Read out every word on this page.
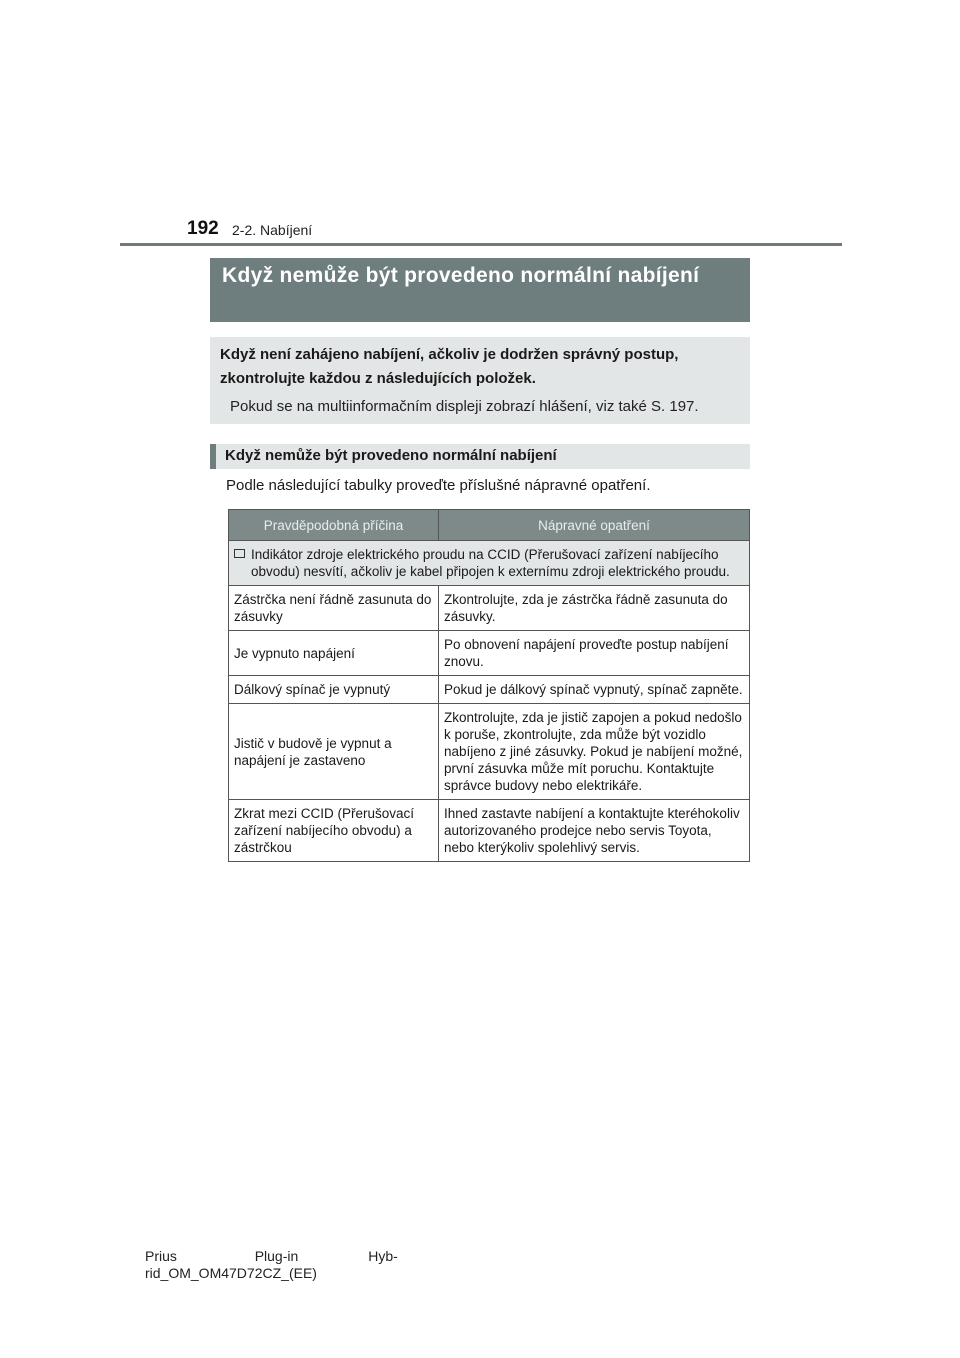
192 2-2. Nabíjení
Když nemůže být provedeno normální nabíjení
Když není zahájeno nabíjení, ačkoliv je dodržen správný postup, zkontrolujte každou z následujících položek.
Pokud se na multiinformačním displeji zobrazí hlášení, viz také S. 197.
Když nemůže být provedeno normální nabíjení
Podle následující tabulky proveďte příslušné nápravné opatření.
Pravděpodobná příčina	Nápravné opatření

Indikátor zdroje elektrického proudu na CCID (Přerušovací zařízení nabíjecího obvodu) nesvítí, ačkoliv je kabel připojen k externímu zdroji elektrického proudu.	

Zástrčka není řádně zasunuta do zásuvky	Zkontrolujte, zda je zástrčka řádně zasunuta do zásuvky.
Je vypnuto napájení	Po obnovení napájení proveďte postup nabíjení znovu.
Dálkový spínač je vypnutý	Pokud je dálkový spínač vypnutý, spínač zapněte.
Jistič v budově je vypnut a napájení je zastaveno	Zkontrolujte, zda je jistič zapojen a pokud nedošlo k poruše, zkontrolujte, zda může být vozidlo nabíjeno z jiné zásuvky. Pokud je nabíjení možné, první zásuvka může mít poruchu. Kontaktujte správce budovy nebo elektrikáře.
Zkrat mezi CCID (Přerušovací zařízení nabíjecího obvodu) a zástrčkou	Ihned zastavte nabíjení a kontaktujte kteréhokoliv autorizovaného prodejce nebo servis Toyota, nebo kterýkoliv spolehlivý servis.
Prius                    Plug-in                  Hyb-
rid_OM_OM47D72CZ_(EE)
